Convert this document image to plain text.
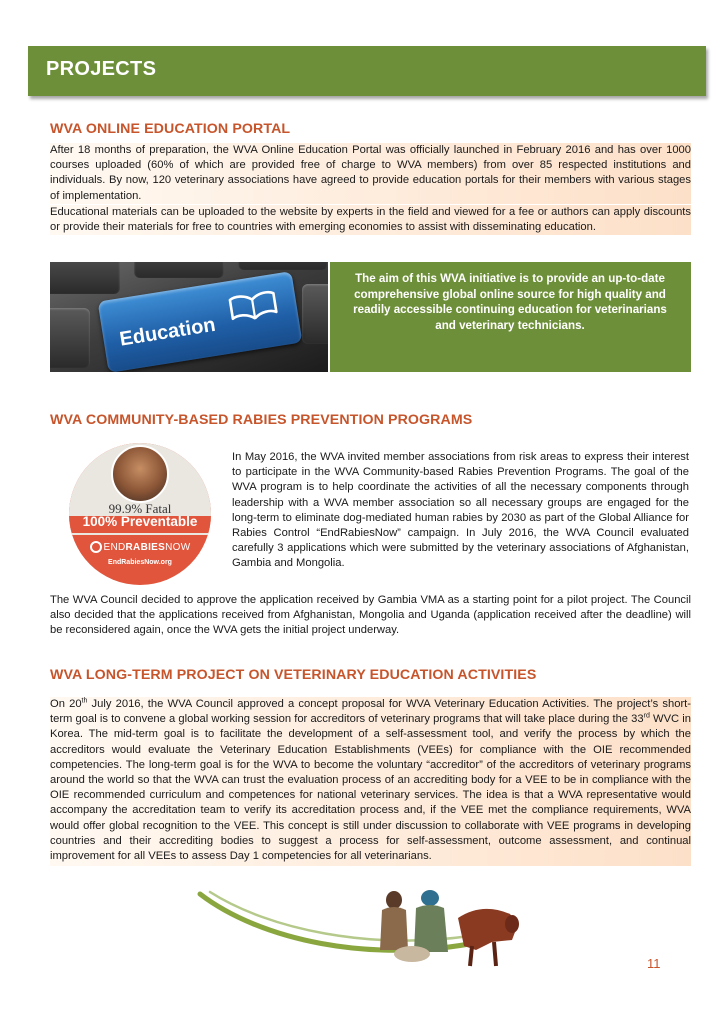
PROJECTS
WVA ONLINE EDUCATION PORTAL

After 18 months of preparation, the WVA Online Education Portal was officially launched in February 2016 and has over 1000 courses uploaded (60% of which are provided free of charge to WVA members) from over 85 respected institutions and individuals. By now, 120 veterinary associations have agreed to provide education portals for their members with various stages of implementation.

Educational materials can be uploaded to the website by experts in the field and viewed for a fee or authors can apply discounts or provide their materials for free to countries with emerging economies to assist with disseminating education.

Education

The aim of this WVA initiative is to provide an up-to-date comprehensive global online source for high quality and readily accessible continuing education for veterinarians and veterinary technicians.

WVA COMMUNITY-BASED RABIES PREVENTION PROGRAMS
99.9% Fatal
100% Preventable
ENDRABIESNOW
EndRabiesNow.org

In May 2016, the WVA invited member associations from risk areas to express their interest to participate in the WVA Community-based Rabies Prevention Programs. The goal of the WVA program is to help coordinate the activities of all the necessary components through leadership with a WVA member association so all necessary groups are engaged for the long-term to eliminate dog-mediated human rabies by 2030 as part of the Global Alliance for Rabies Control “EndRabiesNow” campaign. In July 2016, the WVA Council evaluated carefully 3 applications which were submitted by the veterinary associations of Afghanistan, Gambia and Mongolia.

The WVA Council decided to approve the application received by Gambia VMA as a starting point for a pilot project. The Council also decided that the applications received from Afghanistan, Mongolia and Uganda (application received after the deadline) will be reconsidered again, once the WVA gets the initial project underway.

WVA LONG-TERM PROJECT ON VETERINARY EDUCATION ACTIVITIES

On 20th July 2016, the WVA Council approved a concept proposal for WVA Veterinary Education Activities. The project’s short-term goal is to convene a global working session for accreditors of veterinary programs that will take place during the 33rd WVC in Korea. The mid-term goal is to facilitate the development of a self-assessment tool, and verify the process by which the accreditors would evaluate the Veterinary Education Establishments (VEEs) for compliance with the OIE recommended competencies. The long-term goal is for the WVA to become the voluntary “accreditor” of the accreditors of veterinary programs around the world so that the WVA can trust the evaluation process of an accrediting body for a VEE to be in compliance with the OIE recommended curriculum and competences for national veterinary services. The idea is that a WVA representative would accompany the accreditation team to verify its accreditation process and, if the VEE met the compliance requirements, WVA would offer global recognition to the VEE. This concept is still under discussion to collaborate with VEE programs in developing countries and their accrediting bodies to suggest a process for self-assessment, outcome assessment, and continual improvement for all VEEs to assess Day 1 competencies for all veterinarians.

11
